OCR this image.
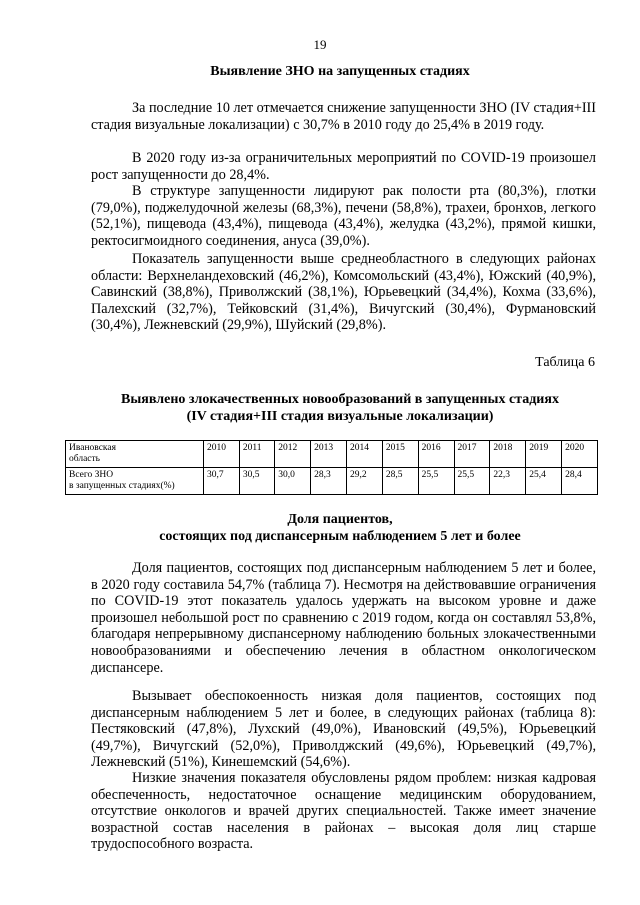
19
Выявление ЗНО на запущенных стадиях

За последние 10 лет отмечается снижение запущенности ЗНО (IV стадия+III стадия визуальные локализации) с 30,7% в 2010 году до 25,4% в 2019 году.

В 2020 году из-за ограничительных мероприятий по COVID-19 произошел рост запущенности до 28,4%.

В структуре запущенности лидируют рак полости рта (80,3%), глотки (79,0%), поджелудочной железы (68,3%), печени (58,8%), трахеи, бронхов, легкого (52,1%), пищевода (43,4%), пищевода (43,4%), желудка (43,2%), прямой кишки, ректосигмоидного соединения, ануса (39,0%).

Показатель запущенности выше среднеобластного в следующих районах области: Верхнеландеховский (46,2%), Комсомольский (43,4%), Южский (40,9%), Савинский (38,8%), Приволжский (38,1%), Юрьевецкий (34,4%), Кохма (33,6%), Палехский (32,7%), Тейковский (31,4%), Вичугский (30,4%), Фурмановский (30,4%), Лежневский (29,9%), Шуйский (29,8%).

Таблица 6
Выявлено злокачественных новообразований в запущенных стадиях
(IV стадия+III стадия визуальные локализации)
Ивановская
область	2010	2011	2012	2013	2014	2015	2016	2017	2018	2019	2020

Всего ЗНО
в запущенных стадиях(%)	30,7	30,5	30,0	28,3	29,2	28,5	25,5	25,5	22,3	25,4	28,4
Доля пациентов,
состоящих под диспансерным наблюдением 5 лет и более

Доля пациентов, состоящих под диспансерным наблюдением 5 лет и более, в 2020 году составила 54,7% (таблица 7). Несмотря на действовавшие ограничения по COVID-19 этот показатель удалось удержать на высоком уровне и даже произошел небольшой рост по сравнению с 2019 годом, когда он составлял 53,8%, благодаря непрерывному диспансерному наблюдению больных злокачественными новообразованиями и обеспечению лечения в областном онкологическом диспансере.

Вызывает обеспокоенность низкая доля пациентов, состоящих под диспансерным наблюдением 5 лет и более, в следующих районах (таблица 8): Пестяковский (47,8%), Лухский (49,0%), Ивановский (49,5%), Юрьевецкий (49,7%), Вичугский (52,0%), Приволджский (49,6%), Юрьевецкий (49,7%), Лежневский (51%), Кинешемский (54,6%).

Низкие значения показателя обусловлены рядом проблем: низкая кадровая обеспеченность, недостаточное оснащение медицинским оборудованием, отсутствие онкологов и врачей других специальностей. Также имеет значение возрастной состав населения в районах – высокая доля лиц старше трудоспособного возраста.
